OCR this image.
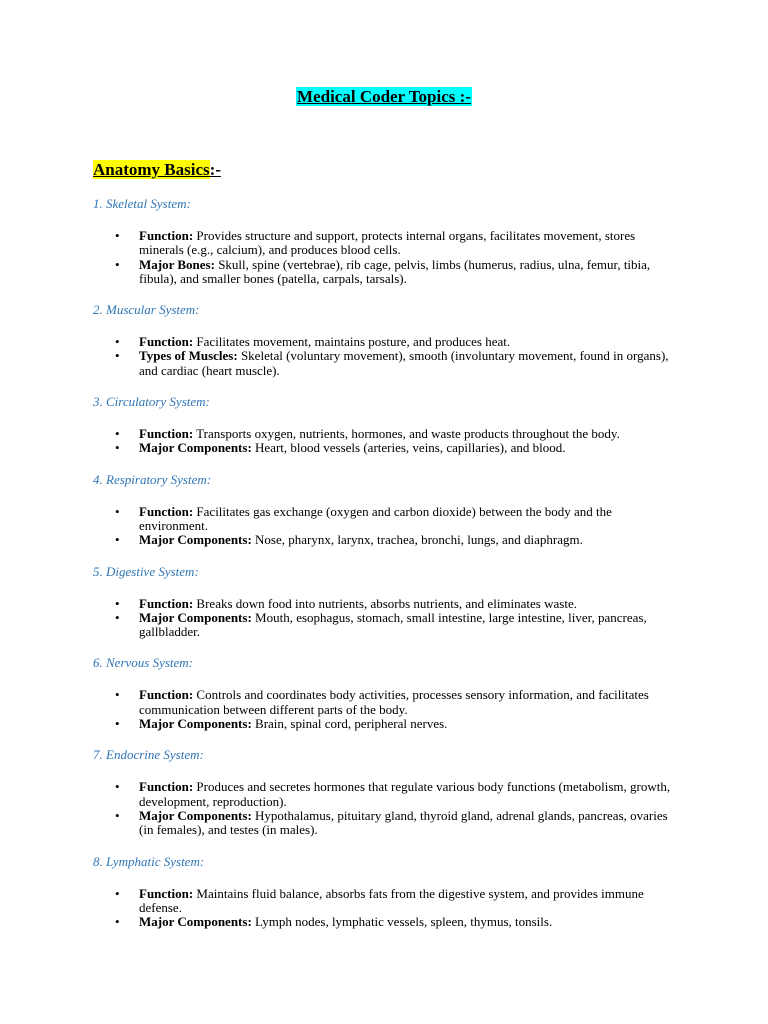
Medical Coder Topics :-
Anatomy Basics:-
1. Skeletal System:
• Function: Provides structure and support, protects internal organs, facilitates movement, stores minerals (e.g., calcium), and produces blood cells.
• Major Bones: Skull, spine (vertebrae), rib cage, pelvis, limbs (humerus, radius, ulna, femur, tibia, fibula), and smaller bones (patella, carpals, tarsals).
2. Muscular System:
• Function: Facilitates movement, maintains posture, and produces heat.
• Types of Muscles: Skeletal (voluntary movement), smooth (involuntary movement, found in organs), and cardiac (heart muscle).
3. Circulatory System:
• Function: Transports oxygen, nutrients, hormones, and waste products throughout the body.
• Major Components: Heart, blood vessels (arteries, veins, capillaries), and blood.
4. Respiratory System:
• Function: Facilitates gas exchange (oxygen and carbon dioxide) between the body and the environment.
• Major Components: Nose, pharynx, larynx, trachea, bronchi, lungs, and diaphragm.
5. Digestive System:
• Function: Breaks down food into nutrients, absorbs nutrients, and eliminates waste.
• Major Components: Mouth, esophagus, stomach, small intestine, large intestine, liver, pancreas, gallbladder.
6. Nervous System:
• Function: Controls and coordinates body activities, processes sensory information, and facilitates communication between different parts of the body.
• Major Components: Brain, spinal cord, peripheral nerves.
7. Endocrine System:
• Function: Produces and secretes hormones that regulate various body functions (metabolism, growth, development, reproduction).
• Major Components: Hypothalamus, pituitary gland, thyroid gland, adrenal glands, pancreas, ovaries (in females), and testes (in males).
8. Lymphatic System:
• Function: Maintains fluid balance, absorbs fats from the digestive system, and provides immune defense.
• Major Components: Lymph nodes, lymphatic vessels, spleen, thymus, tonsils.
